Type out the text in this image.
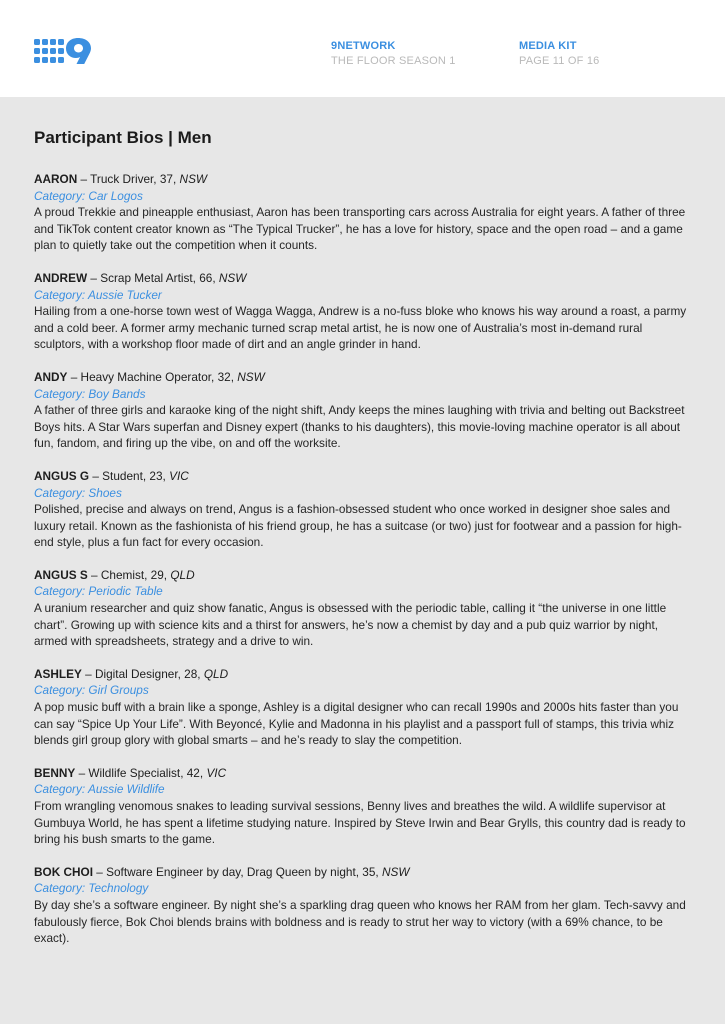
9NETWORK
THE FLOOR SEASON 1
MEDIA KIT
PAGE 11 OF 16
Participant Bios | Men
AARON – Truck Driver, 37, NSW
Category: Car Logos

A proud Trekkie and pineapple enthusiast, Aaron has been transporting cars across Australia for eight years. A father of three and TikTok content creator known as “The Typical Trucker”, he has a love for history, space and the open road – and a game plan to quietly take out the competition when it counts.

ANDREW – Scrap Metal Artist, 66, NSW
Category: Aussie Tucker

Hailing from a one-horse town west of Wagga Wagga, Andrew is a no-fuss bloke who knows his way around a roast, a parmy and a cold beer. A former army mechanic turned scrap metal artist, he is now one of Australia’s most in-demand rural sculptors, with a workshop floor made of dirt and an angle grinder in hand.

ANDY – Heavy Machine Operator, 32, NSW
Category: Boy Bands

A father of three girls and karaoke king of the night shift, Andy keeps the mines laughing with trivia and belting out Backstreet Boys hits. A Star Wars superfan and Disney expert (thanks to his daughters), this movie-loving machine operator is all about fun, fandom, and firing up the vibe, on and off the worksite.

ANGUS G – Student, 23, VIC
Category: Shoes

Polished, precise and always on trend, Angus is a fashion-obsessed student who once worked in designer shoe sales and luxury retail. Known as the fashionista of his friend group, he has a suitcase (or two) just for footwear and a passion for high-end style, plus a fun fact for every occasion.

ANGUS S – Chemist, 29, QLD
Category: Periodic Table

A uranium researcher and quiz show fanatic, Angus is obsessed with the periodic table, calling it “the universe in one little chart”. Growing up with science kits and a thirst for answers, he’s now a chemist by day and a pub quiz warrior by night, armed with spreadsheets, strategy and a drive to win.

ASHLEY – Digital Designer, 28, QLD
Category: Girl Groups

A pop music buff with a brain like a sponge, Ashley is a digital designer who can recall 1990s and 2000s hits faster than you can say “Spice Up Your Life”. With Beyoncé, Kylie and Madonna in his playlist and a passport full of stamps, this trivia whiz blends girl group glory with global smarts – and he’s ready to slay the competition.

BENNY – Wildlife Specialist, 42, VIC
Category: Aussie Wildlife

From wrangling venomous snakes to leading survival sessions, Benny lives and breathes the wild. A wildlife supervisor at Gumbuya World, he has spent a lifetime studying nature. Inspired by Steve Irwin and Bear Grylls, this country dad is ready to bring his bush smarts to the game.

BOK CHOI – Software Engineer by day, Drag Queen by night, 35, NSW
Category: Technology

By day she’s a software engineer. By night she’s a sparkling drag queen who knows her RAM from her glam. Tech-savvy and fabulously fierce, Bok Choi blends brains with boldness and is ready to strut her way to victory (with a 69% chance, to be exact).
